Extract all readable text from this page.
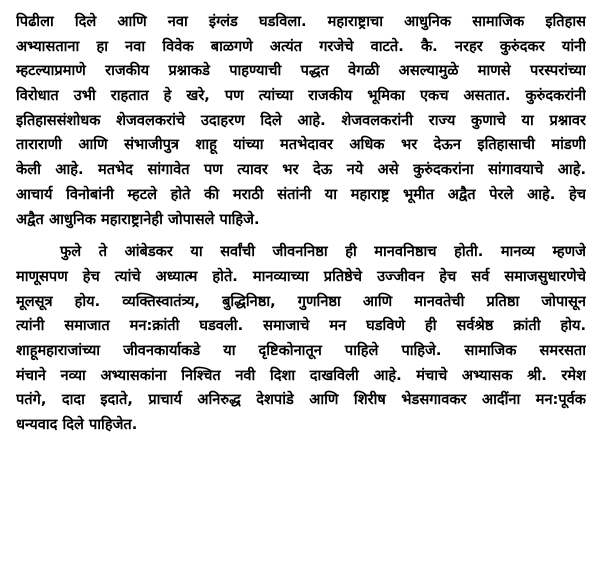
पिढीला दिले आणि नवा इंग्लंड घडविला. महाराष्ट्राचा आधुनिक सामाजिक इतिहास
अभ्यासताना हा नवा विवेक बाळगणे अत्यंत गरजेचे वाटते. कै. नरहर कुरुंदकर यांनी
म्हटल्याप्रमाणे राजकीय प्रश्नाकडे पाहण्याची पद्धत वेगळी असल्यामुळे माणसे परस्परांच्या
विरोधात उभी राहतात हे खरे, पण त्यांच्या राजकीय भूमिका एकच असतात. कुरुंदकरांनी
इतिहाससंशोधक शेजवलकरांचे उदाहरण दिले आहे. शेजवलकरांनी राज्य कुणाचे या प्रश्नावर
ताराराणी आणि संभाजीपुत्र शाहू यांच्या मतभेदावर अधिक भर देऊन इतिहासाची मांडणी
केली आहे. मतभेद सांगावेत पण त्यावर भर देऊ नये असे कुरुंदकरांना सांगावयाचे आहे.
आचार्य विनोबांनी म्हटले होते की मराठी संतांनी या महाराष्ट्र भूमीत अद्वैत पेरले आहे. हेच
अद्वैत आधुनिक महाराष्ट्रानेही जोपासले पाहिजे.

फुले ते आंबेडकर या सर्वांची जीवननिष्ठा ही मानवनिष्ठाच होती. मानव्य म्हणजे
माणूसपण हेच त्यांचे अध्यात्म होते. मानव्याच्या प्रतिष्ठेचे उज्जीवन हेच सर्व समाजसुधारणेचे
मूलसूत्र होय. व्यक्तिस्वातंत्र्य, बुद्धिनिष्ठा, गुणनिष्ठा आणि मानवतेची प्रतिष्ठा जोपासून
त्यांनी समाजात मन:क्रांती घडवली. समाजाचे मन घडविणे ही सर्वश्रेष्ठ क्रांती होय.
शाहूमहाराजांच्या जीवनकार्याकडे या दृष्टिकोनातून पाहिले पाहिजे. सामाजिक समरसता
मंचाने नव्या अभ्यासकांना निश्चित नवी दिशा दाखविली आहे. मंचाचे अभ्यासक श्री. रमेश
पतंगे, दादा इदाते, प्राचार्य अनिरुद्ध देशपांडे आणि शिरीष भेडसगावकर आदींना मन:पूर्वक
धन्यवाद दिले पाहिजेत.
